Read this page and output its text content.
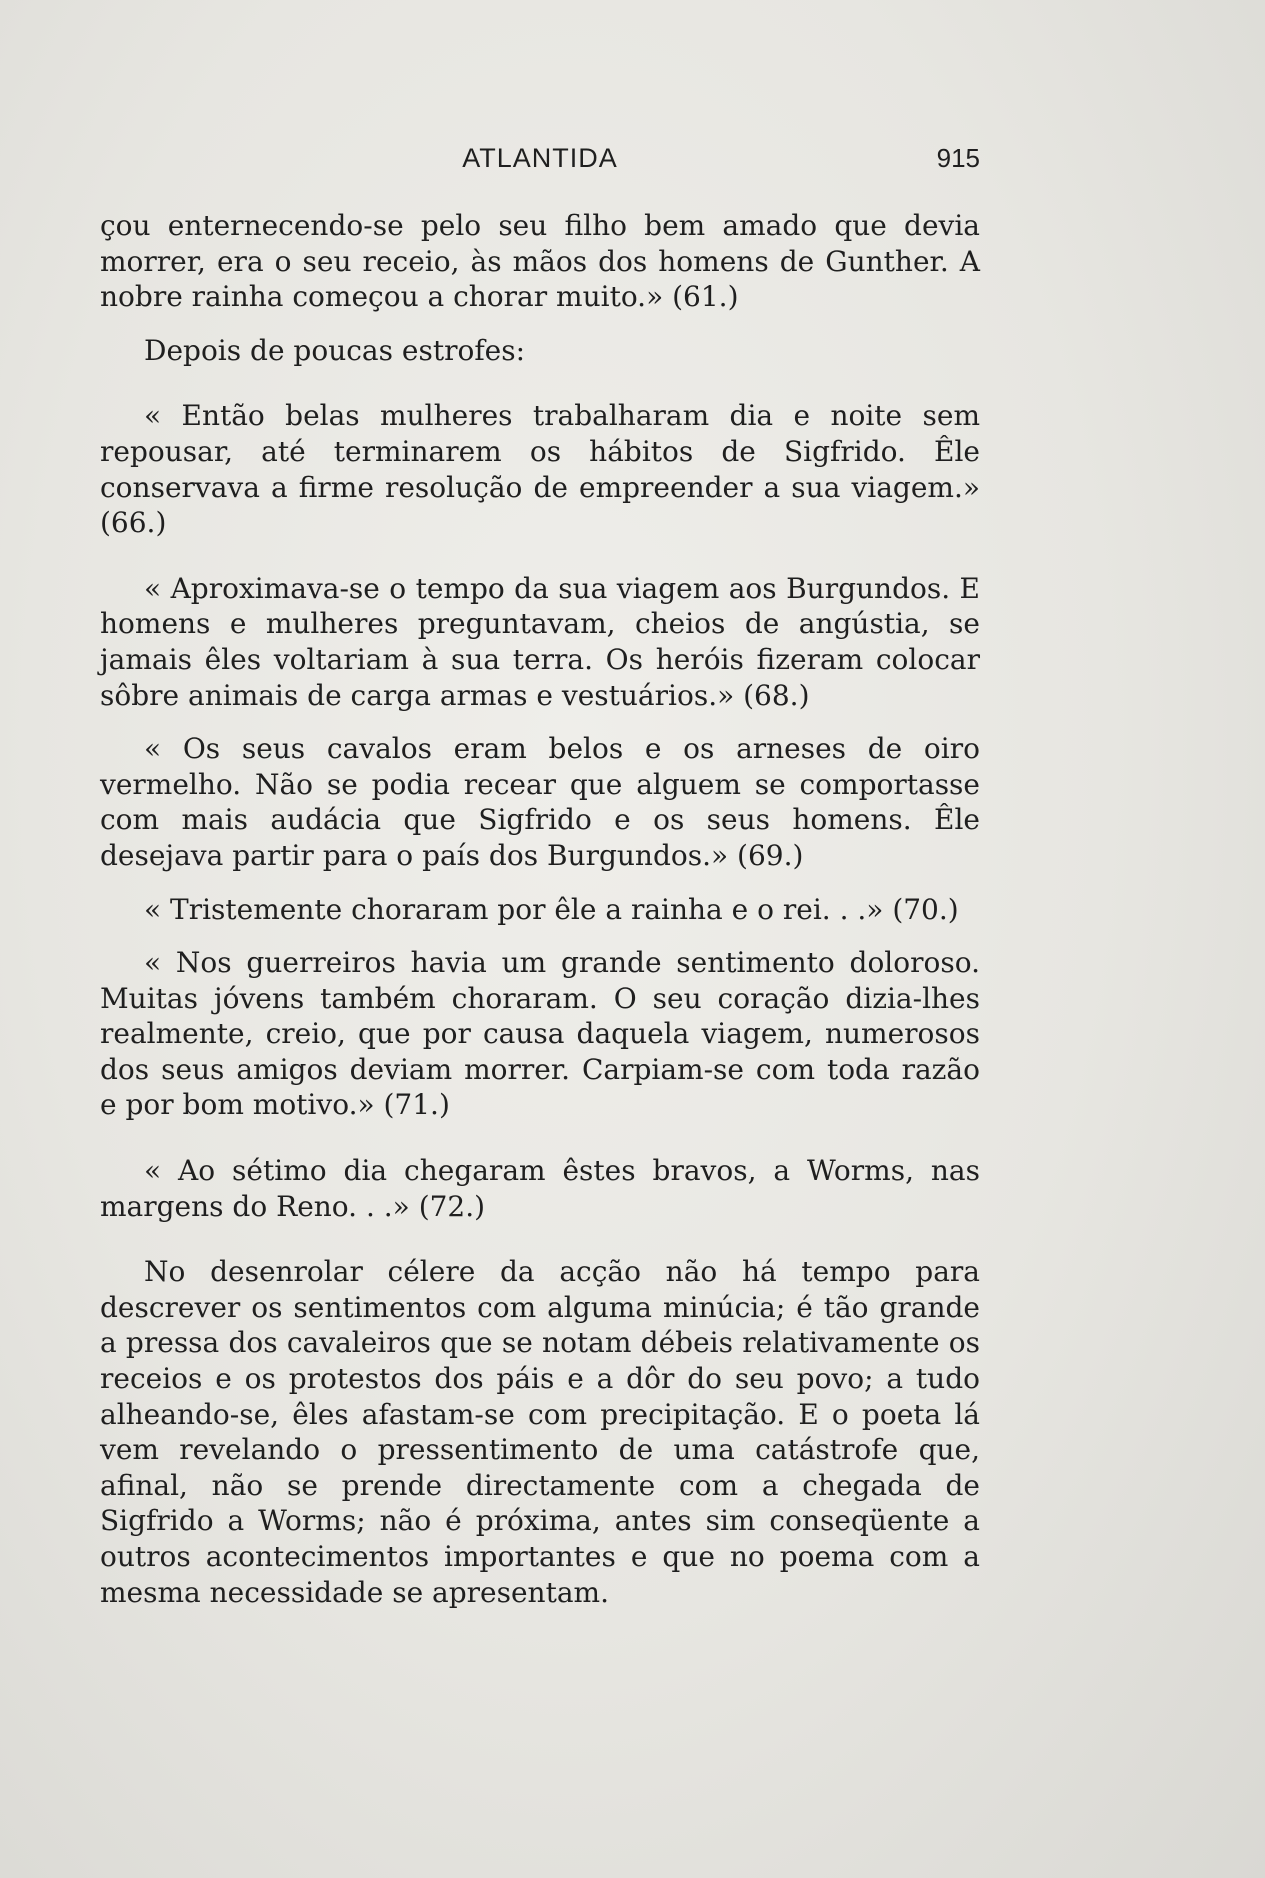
ATLANTIDA	915

çou enternecendo-se pelo seu filho bem amado que devia morrer, era o seu receio, às mãos dos homens de Gunther. A nobre rainha começou a chorar muito.» (61.)

Depois de poucas estrofes:

« Então belas mulheres trabalharam dia e noite sem repousar, até terminarem os hábitos de Sigfrido. Êle conservava a firme resolução de empreender a sua viagem.» (66.)

« Aproximava-se o tempo da sua viagem aos Burgundos. E homens e mulheres preguntavam, cheios de angústia, se jamais êles voltariam à sua terra. Os heróis fizeram colocar sôbre animais de carga armas e vestuários.» (68.)

« Os seus cavalos eram belos e os arneses de oiro vermelho. Não se podia recear que alguem se comportasse com mais audácia que Sigfrido e os seus homens. Êle desejava partir para o país dos Burgundos.» (69.)

« Tristemente choraram por êle a rainha e o rei. . .» (70.)

« Nos guerreiros havia um grande sentimento doloroso. Muitas jóvens também choraram. O seu coração dizia-lhes realmente, creio, que por causa daquela viagem, numerosos dos seus amigos deviam morrer. Carpiam-se com toda razão e por bom motivo.» (71.)

« Ao sétimo dia chegaram êstes bravos, a Worms, nas margens do Reno. . .» (72.)

No desenrolar célere da acção não há tempo para descrever os sentimentos com alguma minúcia; é tão grande a pressa dos cavaleiros que se notam débeis relativamente os receios e os protestos dos páis e a dôr do seu povo; a tudo alheando-se, êles afastam-se com precipitação. E o poeta lá vem revelando o pressentimento de uma catástrofe que, afinal, não se prende directamente com a chegada de Sigfrido a Worms; não é próxima, antes sim conseqüente a outros acontecimentos importantes e que no poema com a mesma necessidade se apresentam.
